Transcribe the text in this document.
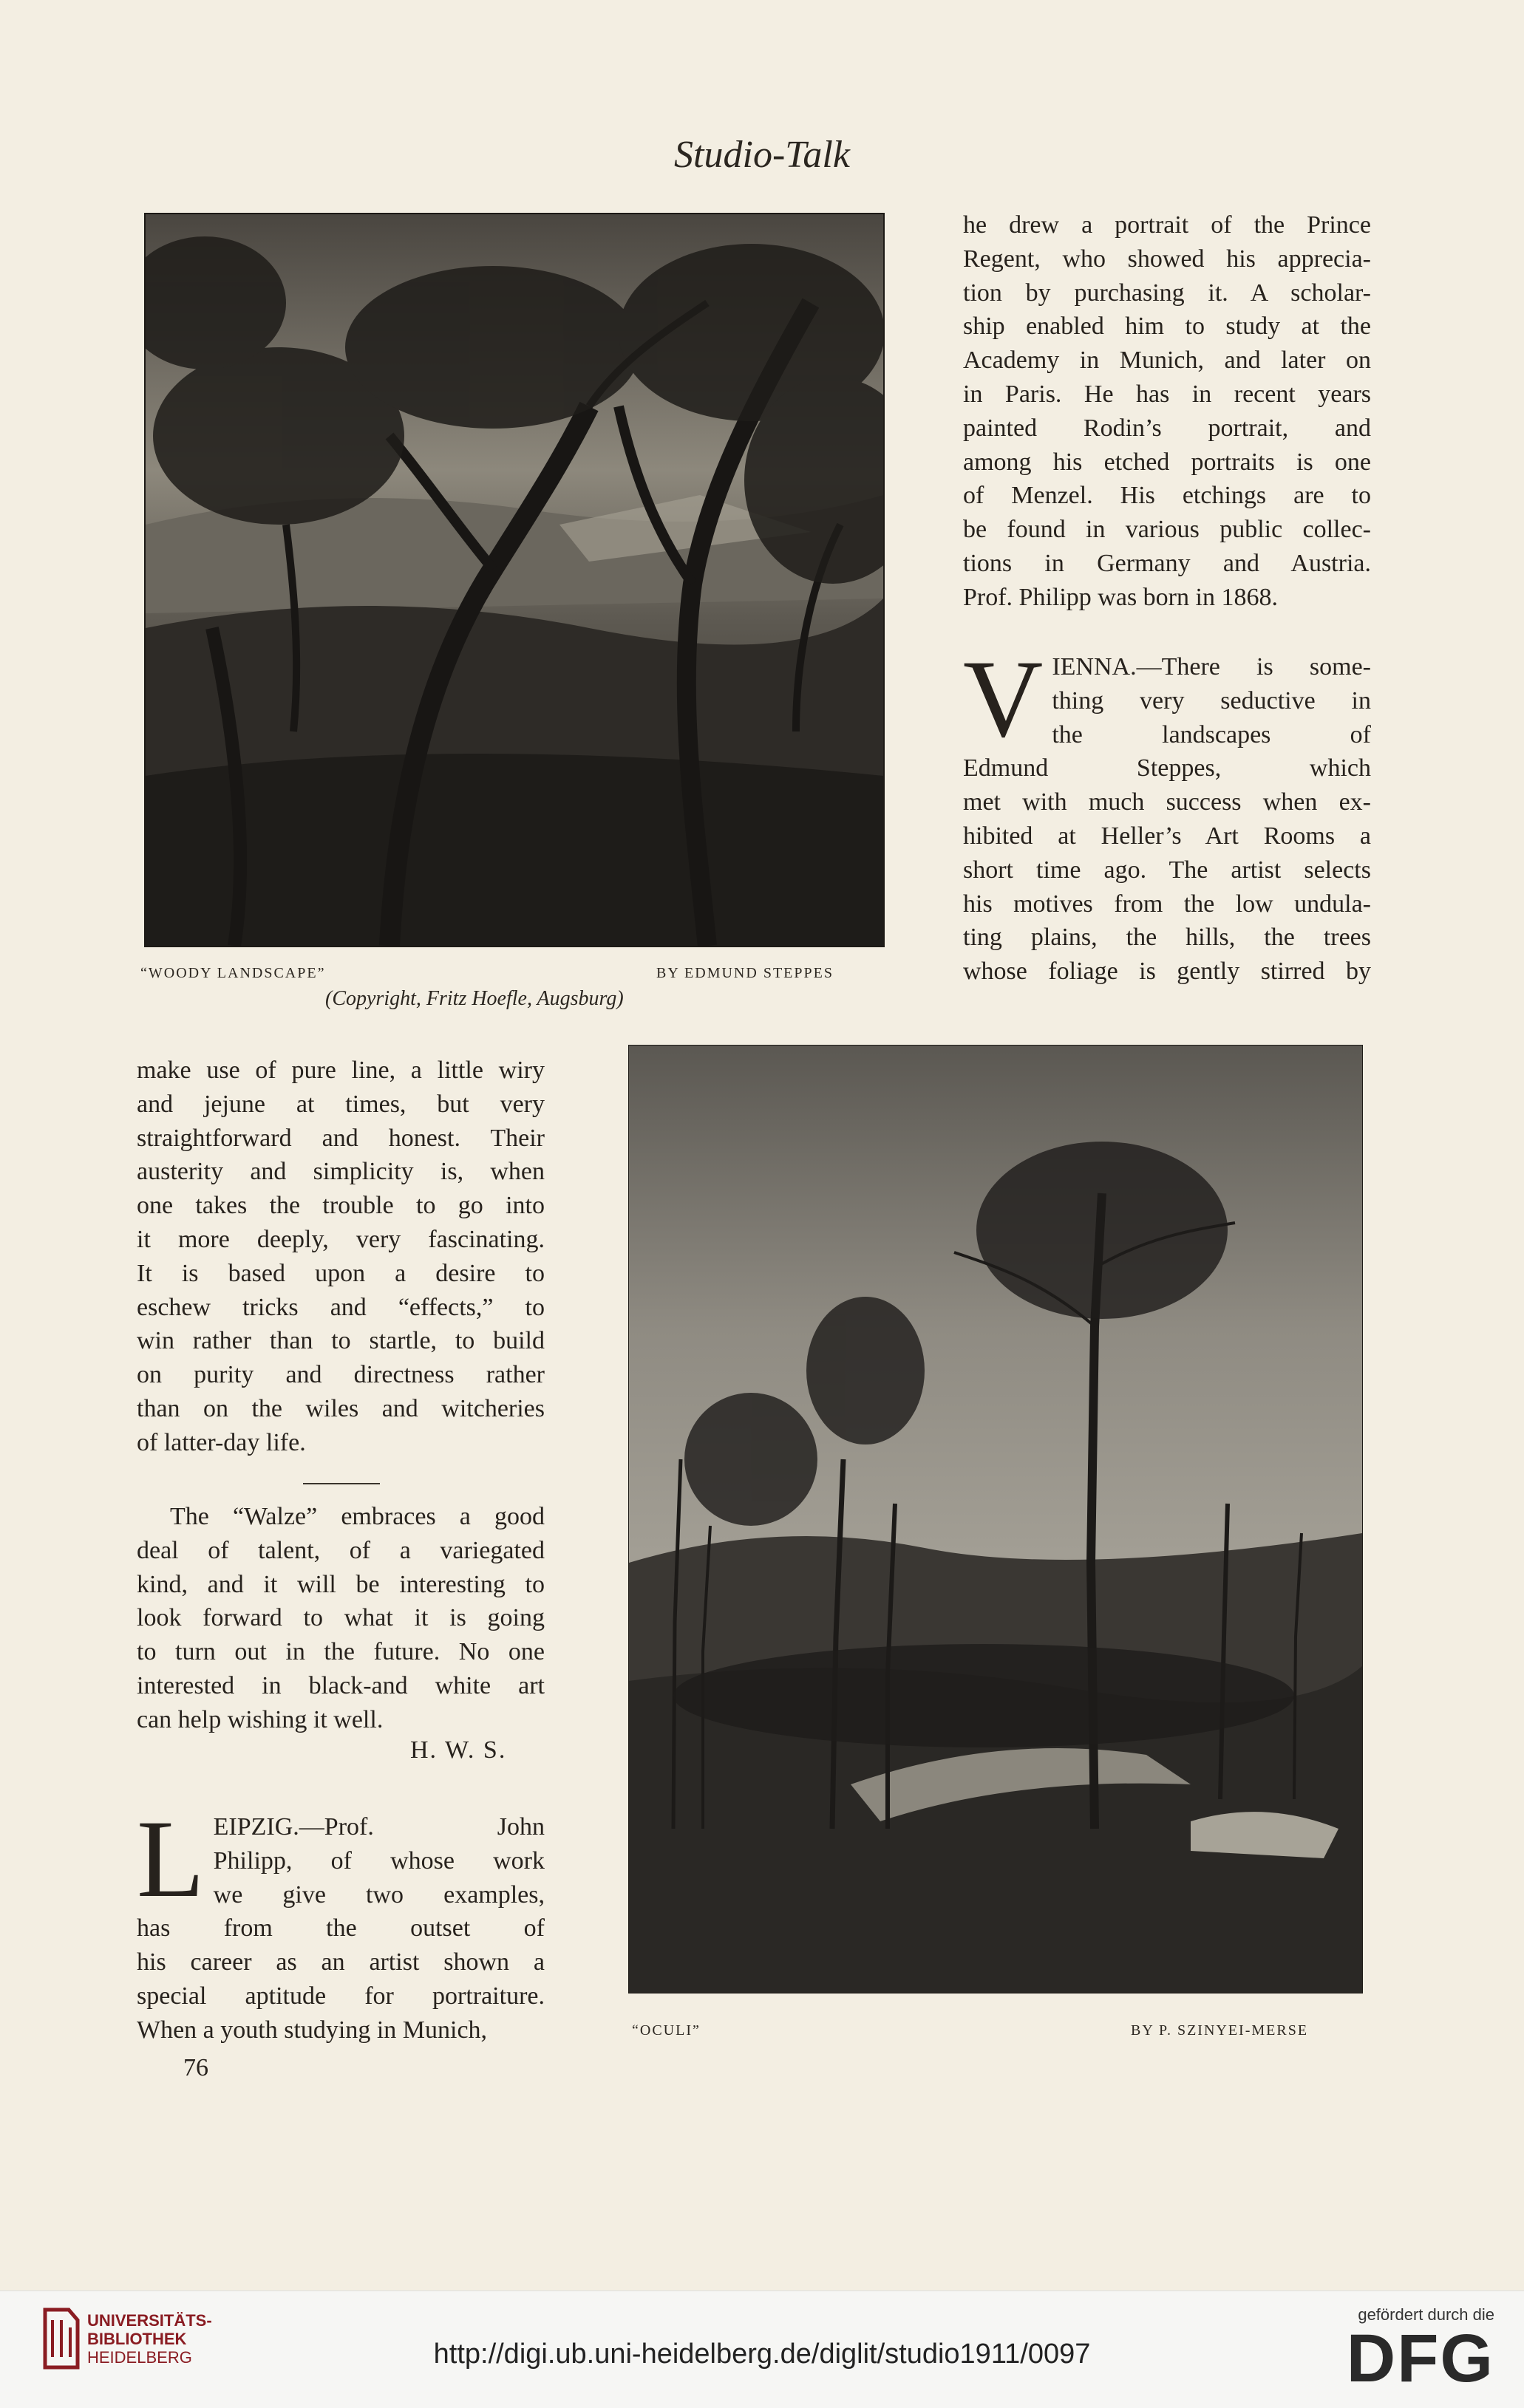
Studio-Talk
“WOODY LANDSCAPE”	BY EDMUND STEPPES
(Copyright, Fritz Hoefle, Augsburg)
he drew a portrait of the Prince
Regent, who showed his apprecia-
tion by purchasing it. A scholar-
ship enabled him to study at the
Academy in Munich, and later on
in Paris. He has in recent years
painted Rodin’s portrait, and
among his etched portraits is one
of Menzel. His etchings are to
be found in various public collec-
tions in Germany and Austria.
Prof. Philipp was born in 1868.
V IENNA.—There is some-
thing very seductive in
the landscapes of
Edmund Steppes, which
met with much success when ex-
hibited at Heller’s Art Rooms a
short time ago. The artist selects
his motives from the low undula-
ting plains, the hills, the trees
whose foliage is gently stirred by
make use of pure line, a little wiry
and jejune at times, but very
straightforward and honest. Their
austerity and simplicity is, when
one takes the trouble to go into
it more deeply, very fascinating.
It is based upon a desire to
eschew tricks and “effects,” to
win rather than to startle, to build
on purity and directness rather
than on the wiles and witcheries
of latter-day life.
The “Walze” embraces a good
deal of talent, of a variegated
kind, and it will be interesting to
look forward to what it is going
to turn out in the future. No one
interested in black-and white art
can help wishing it well.
H. W. S.
L EIPZIG.—Prof. John
Philipp, of whose work
we give two examples,
has from the outset of
his career as an artist shown a
special aptitude for portraiture.
When a youth studying in Munich,
76
“OCULI”	BY P. SZINYEI-MERSE
UNIVERSITÄTS-
BIBLIOTHEK
HEIDELBERG	http://digi.ub.uni-heidelberg.de/diglit/studio1911/0097
gefördert durch die
DFG
